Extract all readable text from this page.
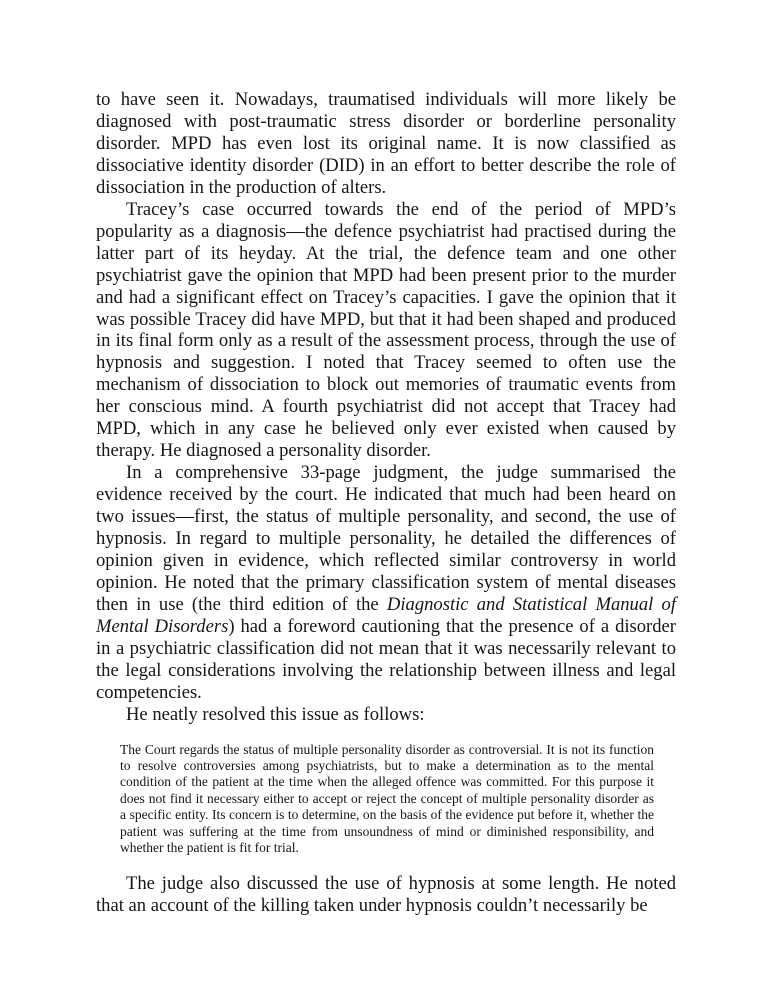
to have seen it. Nowadays, traumatised individuals will more likely be diagnosed with post-traumatic stress disorder or borderline personality disorder. MPD has even lost its original name. It is now classified as dissociative identity disorder (DID) in an effort to better describe the role of dissociation in the production of alters.

Tracey’s case occurred towards the end of the period of MPD’s popularity as a diagnosis—the defence psychiatrist had practised during the latter part of its heyday. At the trial, the defence team and one other psychiatrist gave the opinion that MPD had been present prior to the murder and had a significant effect on Tracey’s capacities. I gave the opinion that it was possible Tracey did have MPD, but that it had been shaped and produced in its final form only as a result of the assessment process, through the use of hypnosis and suggestion. I noted that Tracey seemed to often use the mechanism of dissociation to block out memories of traumatic events from her conscious mind. A fourth psychiatrist did not accept that Tracey had MPD, which in any case he believed only ever existed when caused by therapy. He diagnosed a personality disorder.

In a comprehensive 33-page judgment, the judge summarised the evidence received by the court. He indicated that much had been heard on two issues—first, the status of multiple personality, and second, the use of hypnosis. In regard to multiple personality, he detailed the differences of opinion given in evidence, which reflected similar controversy in world opinion. He noted that the primary classification system of mental diseases then in use (the third edition of the Diagnostic and Statistical Manual of Mental Disorders) had a foreword cautioning that the presence of a disorder in a psychiatric classification did not mean that it was necessarily relevant to the legal considerations involving the relationship between illness and legal competencies.

He neatly resolved this issue as follows:

The Court regards the status of multiple personality disorder as controversial. It is not its function to resolve controversies among psychiatrists, but to make a determination as to the mental condition of the patient at the time when the alleged offence was committed. For this purpose it does not find it necessary either to accept or reject the concept of multiple personality disorder as a specific entity. Its concern is to determine, on the basis of the evidence put before it, whether the patient was suffering at the time from unsoundness of mind or diminished responsibility, and whether the patient is fit for trial.

The judge also discussed the use of hypnosis at some length. He noted that an account of the killing taken under hypnosis couldn’t necessarily be
